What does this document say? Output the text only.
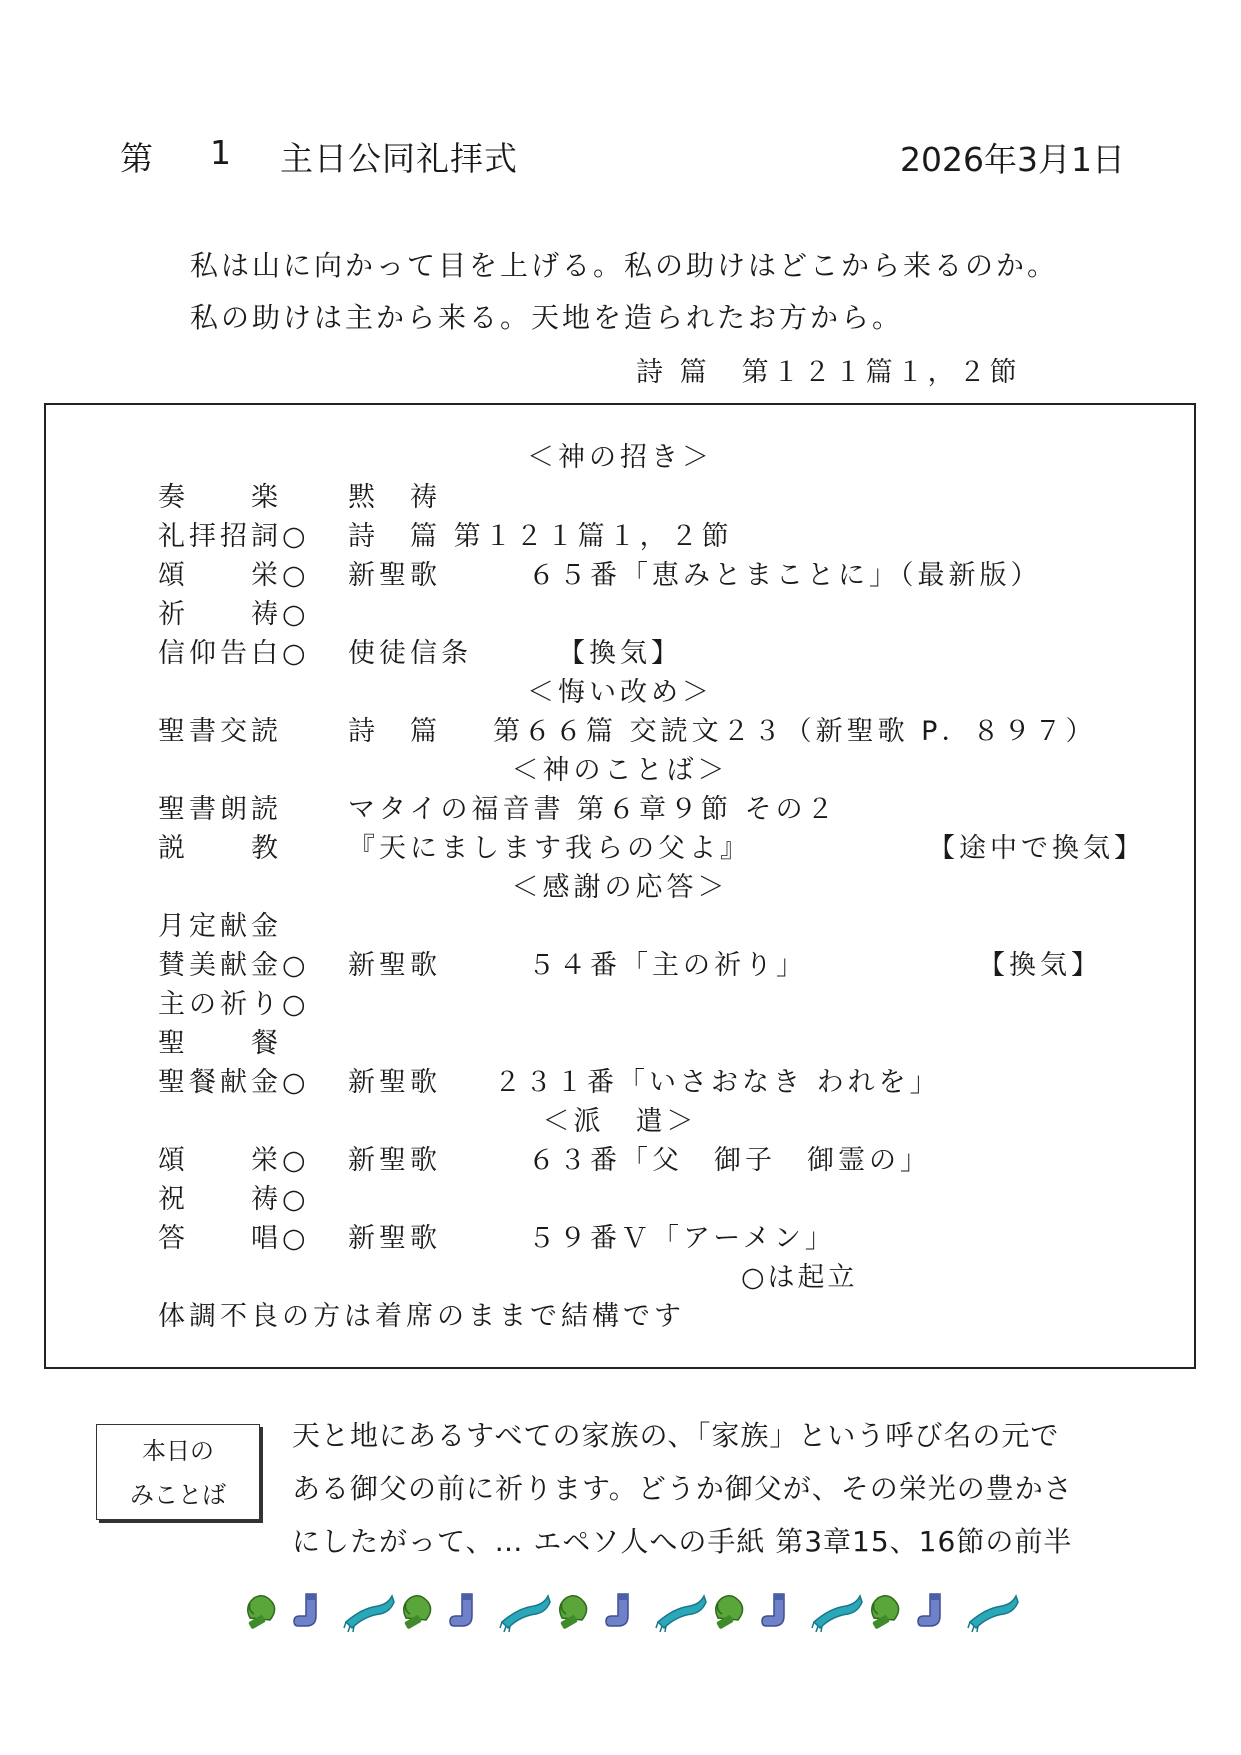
第 1 主日公同礼拝式	2026年3月1日
私は山に向かって目を上げる。私の助けはどこから来るのか。
私の助けは主から来る。天地を造られたお方から。
詩 篇　第１２１篇１，２節
＜神の招き＞
奏　　楽 黙　祷
礼拝招詞○ 詩　篇 第１２１篇１，２節
頌　　栄○ 新聖歌	６５番「恵みとまことに」（最新版）
祈　　祷○
信仰告白○ 使徒信条	【換気】
＜悔い改め＞
聖書交読 詩　篇 第６６篇 交読文２３（新聖歌 P．８９７）
＜神のことば＞
聖書朗読 マタイの福音書 第６章９節 その２
説　　教 『天にまします我らの父よ』	【途中で換気】
＜感謝の応答＞
月定献金
賛美献金○ 新聖歌	５４番「主の祈り」	【換気】
主の祈り○
聖　　餐
聖餐献金○ 新聖歌 ２３１番「いさおなき われを」
＜派　遣＞
頌　　栄○ 新聖歌	６３番「父　御子　御霊の」
祝　　祷○
答　　唱○ 新聖歌	５９番Ｖ「アーメン」
○は起立
体調不良の方は着席のままで結構です
本日の
みことば
天と地にあるすべての家族の、「家族」という呼び名の元で
ある御父の前に祈ります。どうか御父が、その栄光の豊かさ
にしたがって、… エペソ人への手紙 第3章15、16節の前半
